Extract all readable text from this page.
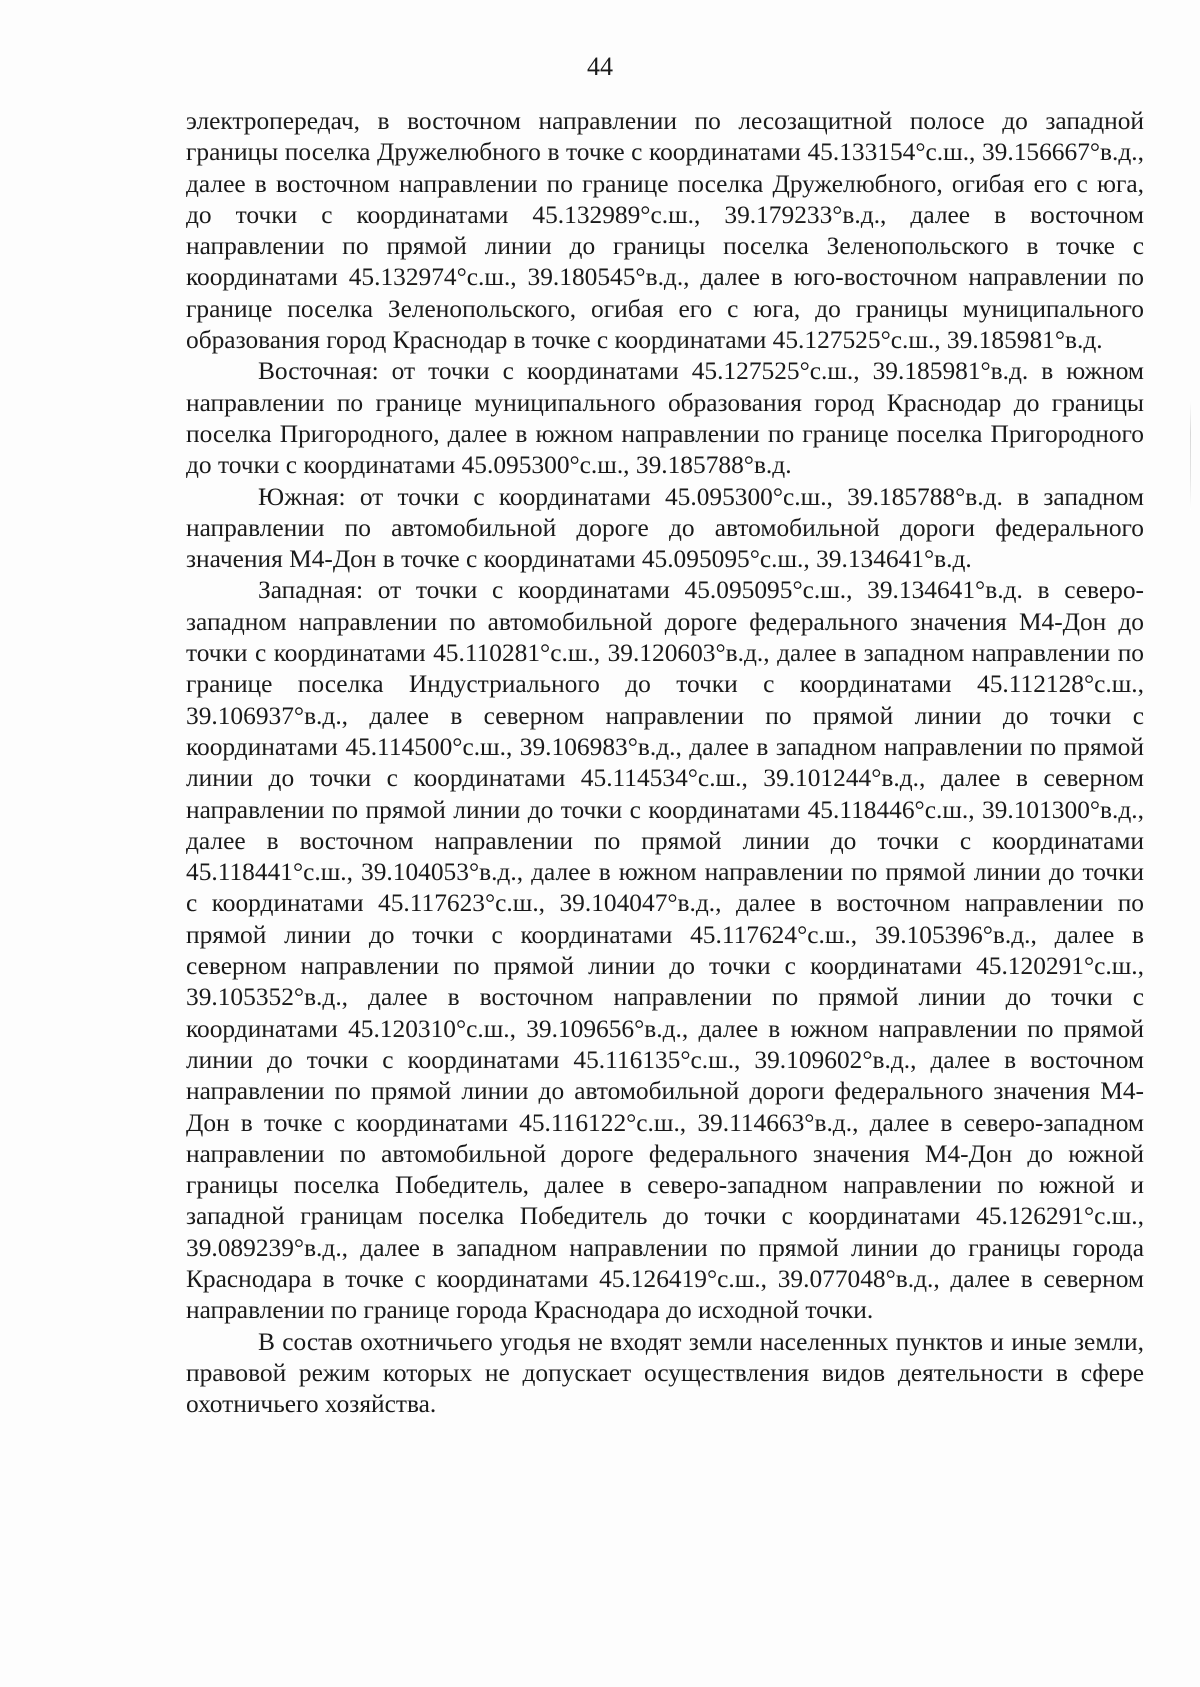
44

электропередач, в восточном направлении по лесозащитной полосе до западной границы поселка Дружелюбного в точке с координатами 45.133154°с.ш., 39.156667°в.д., далее в восточном направлении по границе поселка Дружелюбного, огибая его с юга, до точки с координатами 45.132989°с.ш., 39.179233°в.д., далее в восточном направлении по прямой линии до границы поселка Зеленопольского в точке с координатами 45.132974°с.ш., 39.180545°в.д., далее в юго-восточном направлении по границе поселка Зеленопольского, огибая его с юга, до границы муниципального образования город Краснодар в точке с координатами 45.127525°с.ш., 39.185981°в.д.

Восточная: от точки с координатами 45.127525°с.ш., 39.185981°в.д. в южном направлении по границе муниципального образования город Краснодар до границы поселка Пригородного, далее в южном направлении по границе поселка Пригородного до точки с координатами 45.095300°с.ш., 39.185788°в.д.

Южная: от точки с координатами 45.095300°с.ш., 39.185788°в.д. в западном направлении по автомобильной дороге до автомобильной дороги федерального значения М4-Дон в точке с координатами 45.095095°с.ш., 39.134641°в.д.

Западная: от точки с координатами 45.095095°с.ш., 39.134641°в.д. в северо-западном направлении по автомобильной дороге федерального значения М4-Дон до точки с координатами 45.110281°с.ш., 39.120603°в.д., далее в западном направлении по границе поселка Индустриального до точки с координатами 45.112128°с.ш., 39.106937°в.д., далее в северном направлении по прямой линии до точки с координатами 45.114500°с.ш., 39.106983°в.д., далее в западном направлении по прямой линии до точки с координатами 45.114534°с.ш., 39.101244°в.д., далее в северном направлении по прямой линии до точки с координатами 45.118446°с.ш., 39.101300°в.д., далее в восточном направлении по прямой линии до точки с координатами 45.118441°с.ш., 39.104053°в.д., далее в южном направлении по прямой линии до точки с координатами 45.117623°с.ш., 39.104047°в.д., далее в восточном направлении по прямой линии до точки с координатами 45.117624°с.ш., 39.105396°в.д., далее в северном направлении по прямой линии до точки с координатами 45.120291°с.ш., 39.105352°в.д., далее в восточном направлении по прямой линии до точки с координатами 45.120310°с.ш., 39.109656°в.д., далее в южном направлении по прямой линии до точки с координатами 45.116135°с.ш., 39.109602°в.д., далее в восточном направлении по прямой линии до автомобильной дороги федерального значения М4-Дон в точке с координатами 45.116122°с.ш., 39.114663°в.д., далее в северо-западном направлении по автомобильной дороге федерального значения М4-Дон до южной границы поселка Победитель, далее в северо-западном направлении по южной и западной границам поселка Победитель до точки с координатами 45.126291°с.ш., 39.089239°в.д., далее в западном направлении по прямой линии до границы города Краснодара в точке с координатами 45.126419°с.ш., 39.077048°в.д., далее в северном направлении по границе города Краснодара до исходной точки.

В состав охотничьего угодья не входят земли населенных пунктов и иные земли, правовой режим которых не допускает осуществления видов деятельности в сфере охотничьего хозяйства.
